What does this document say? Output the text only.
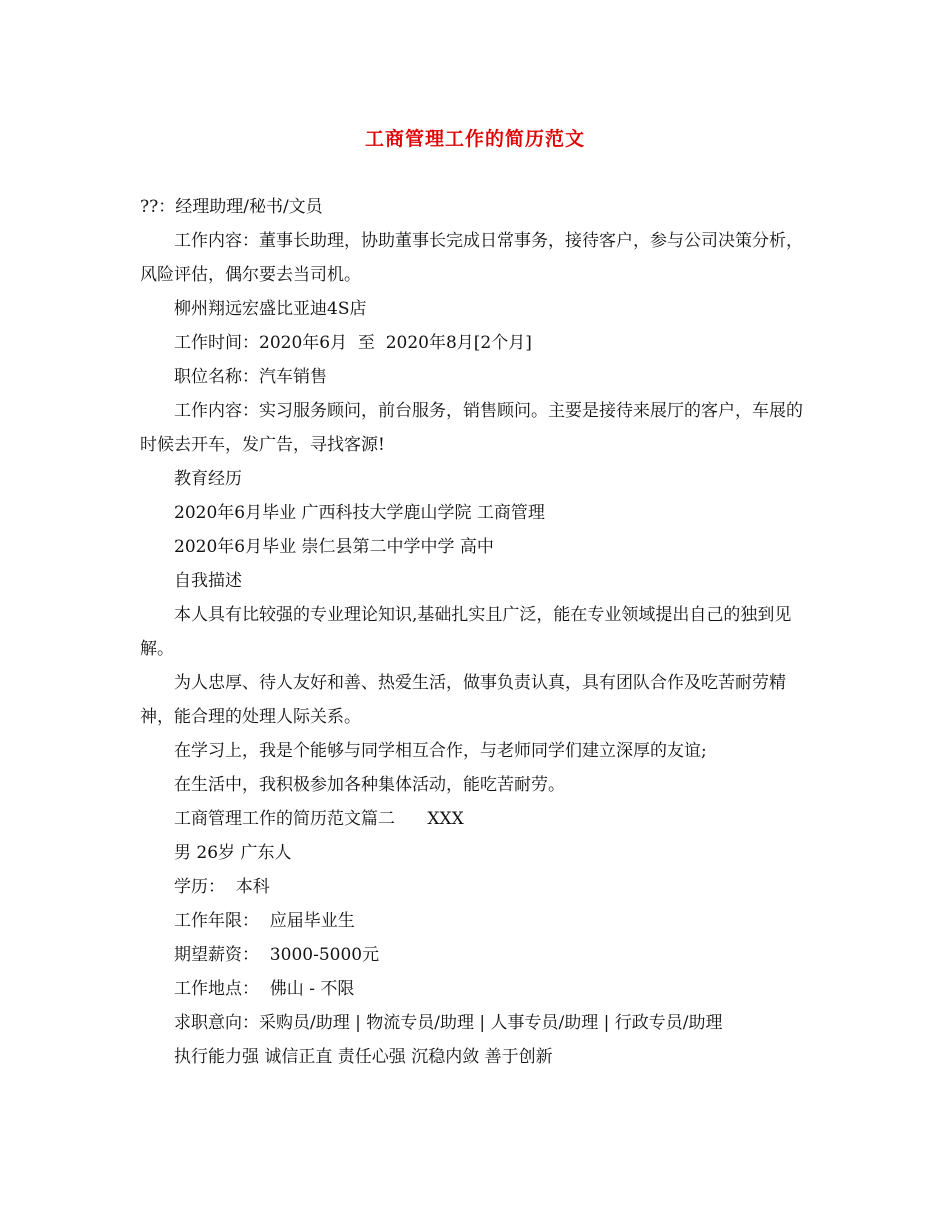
工商管理工作的简历范文

??：经理助理/秘书/文员

工作内容：董事长助理，协助董事长完成日常事务，接待客户，参与公司决策分析，风险评估，偶尔要去当司机。

柳州翔远宏盛比亚迪4S店

工作时间：2020年6月  至  2020年8月[2个月]

职位名称：汽车销售

工作内容：实习服务顾问，前台服务，销售顾问。主要是接待来展厅的客户，车展的时候去开车，发广告，寻找客源!

教育经历

2020年6月毕业 广西科技大学鹿山学院 工商管理

2020年6月毕业 崇仁县第二中学中学 高中

自我描述

本人具有比较强的专业理论知识,基础扎实且广泛，能在专业领域提出自己的独到见解。

为人忠厚、待人友好和善、热爱生活，做事负责认真，具有团队合作及吃苦耐劳精神，能合理的处理人际关系。

在学习上，我是个能够与同学相互合作，与老师同学们建立深厚的友谊;

在生活中，我积极参加各种集体活动，能吃苦耐劳。

工商管理工作的简历范文篇二      XXX

男 26岁 广东人

学历：  本科

工作年限：  应届毕业生

期望薪资：  3000-5000元

工作地点：  佛山 - 不限

求职意向：采购员/助理 | 物流专员/助理 | 人事专员/助理 | 行政专员/助理

执行能力强 诚信正直 责任心强 沉稳内敛 善于创新
